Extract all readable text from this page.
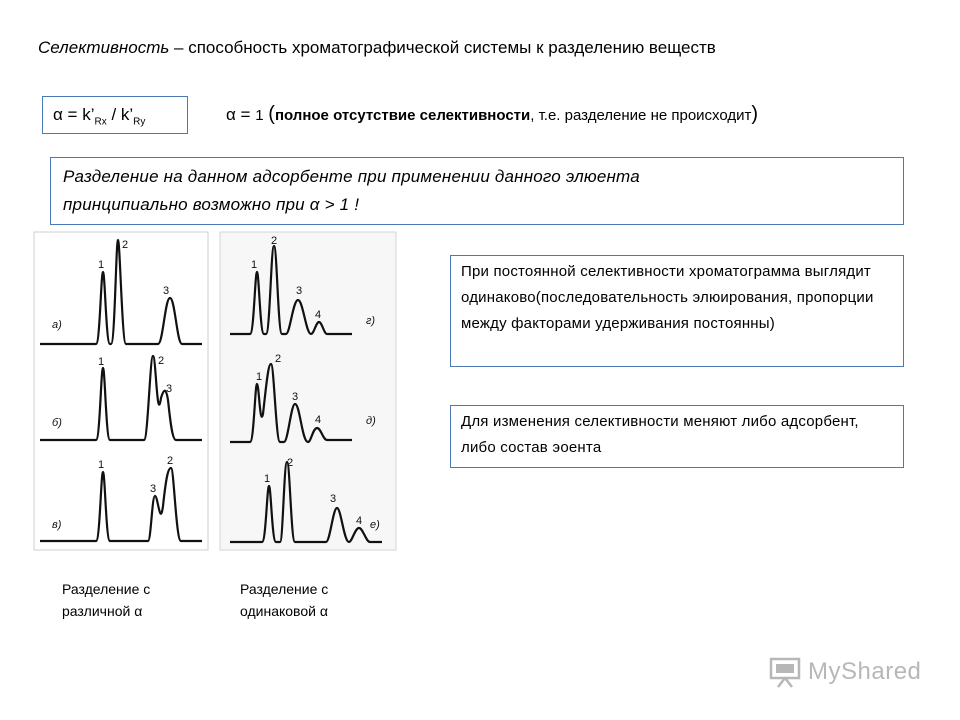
Селективность – способность хроматографической системы к разделению веществ
$\alpha = k’_{Rx}$ / $k’_{Ry}$	α = 1 (полное отсутствие селективности, т.е. разделение не происходит)
Разделение на данном адсорбенте при применении данного элюента
принципиально возможно при α > 1 !
1
2
3
1	2
3
1
3
2
1
2
3
4
1
2
3
4
1
2
3
4
а)
б)
в)
г)
д)
е)
При постоянной селективности хроматограмма выглядит одинаково(последовательность элюирования, пропорции между факторами удерживания постоянны)
Для изменения селективности меняют либо адсорбент, либо состав эоента
Разделение с
различной α
Разделение с
одинаковой α
MyShared
